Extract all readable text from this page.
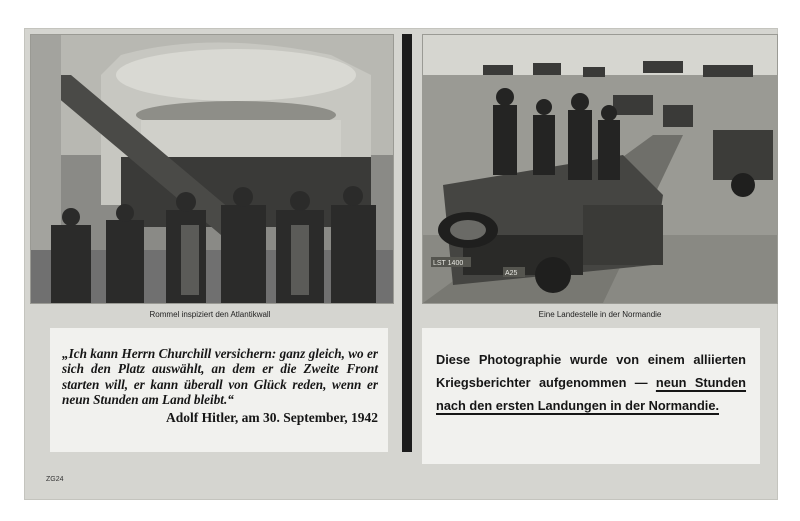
Rommel inspiziert den Atlantikwall
LST 1400
A25
Eine Landestelle in der Normandie

„Ich kann Herrn Churchill versichern: ganz gleich, wo er sich den Platz auswählt, an dem er die Zweite Front starten will, er kann überall von Glück reden, wenn er neun Stunden am Land bleibt.“

Adolf Hitler, am 30. September, 1942
Diese Photographie wurde von einem alliierten Kriegsberichter aufgenommen — neun Stunden nach den ersten Landungen in der Normandie.
ZG24
